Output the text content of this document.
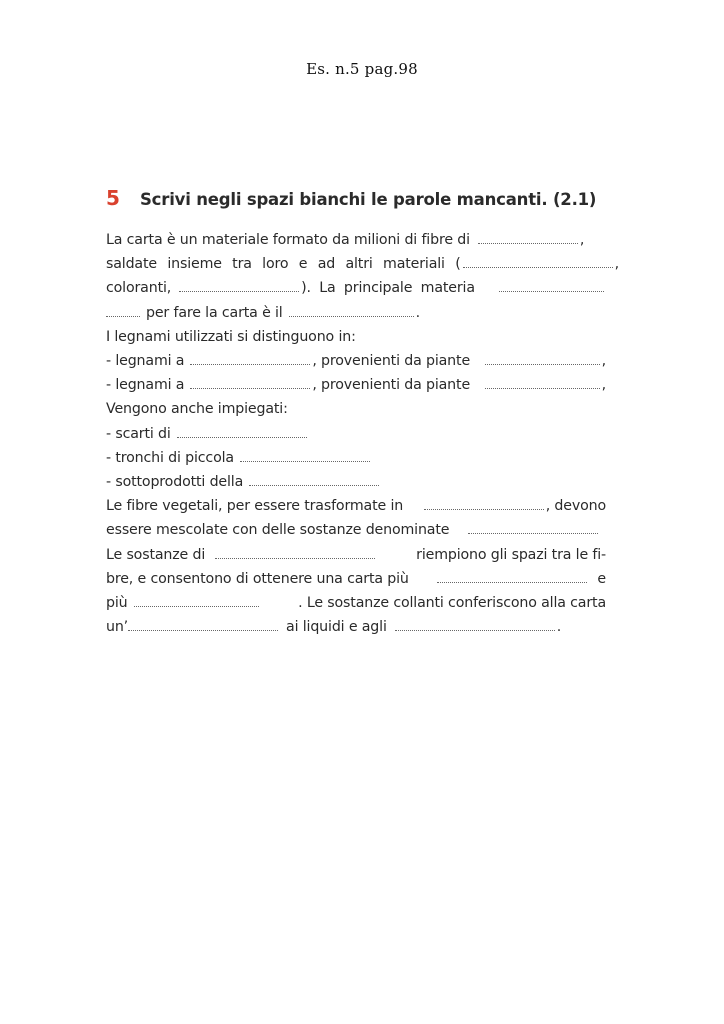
Es. n.5 pag.98
5	Scrivi negli spazi bianchi le parole mancanti. (2.1)
La carta è un materiale formato da milioni di fibre di	,
saldate insieme tra loro e ad altri materiali (	,
coloranti,	). La principale materia
per fare la carta è il	.
I legnami utilizzati si distinguono in:
- legnami a	, provenienti da piante	,
- legnami a	, provenienti da piante	,
Vengono anche impiegati:
- scarti di
- tronchi di piccola
- sottoprodotti della
Le fibre vegetali, per essere trasformate in	, devono
essere mescolate con delle sostanze denominate
Le sostanze di	riempiono gli spazi tra le fi-
bre, e consentono di ottenere una carta più	e
più	. Le sostanze collanti conferiscono alla carta
un’	ai liquidi e agli	.
